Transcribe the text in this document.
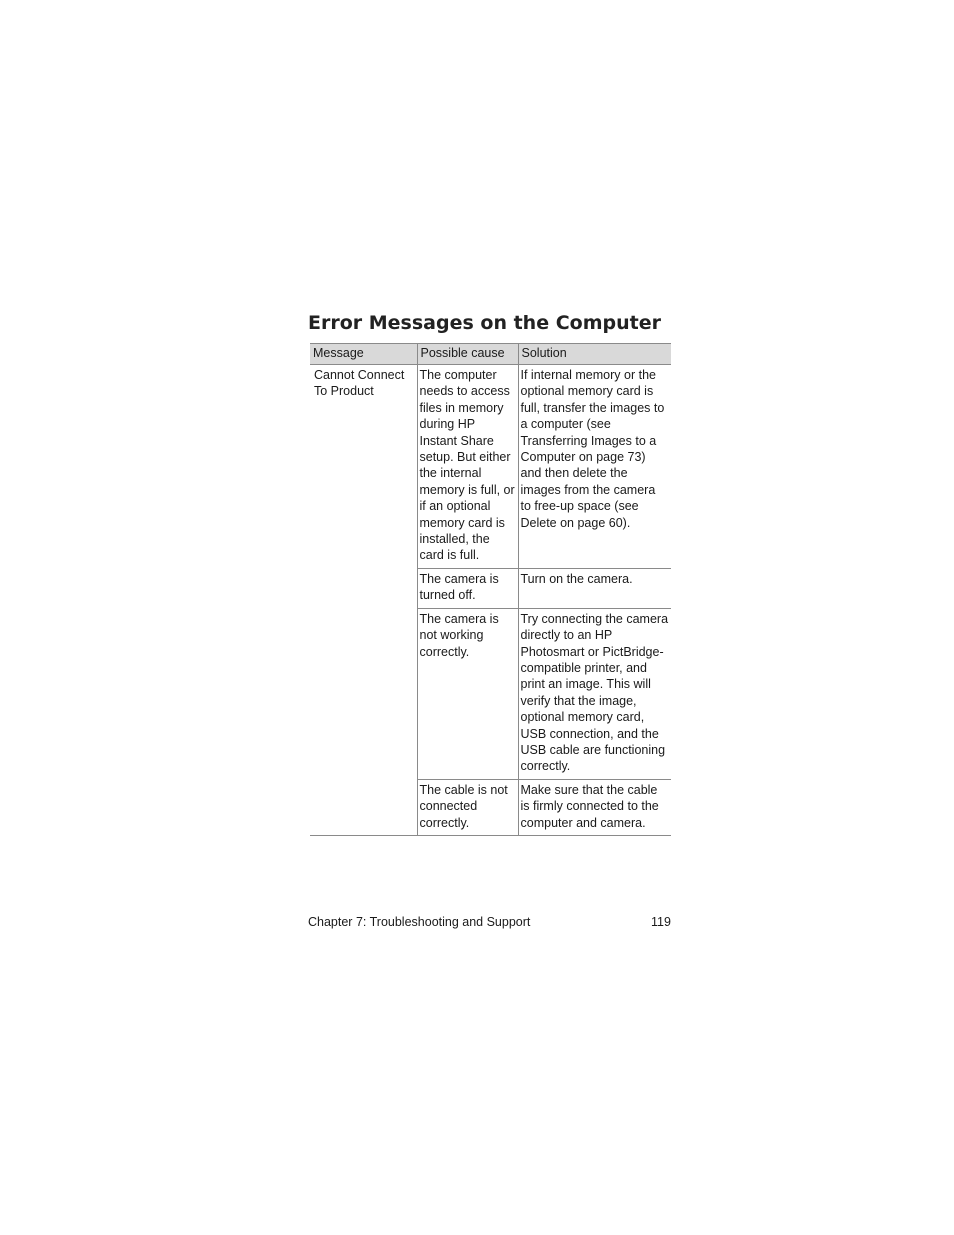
Error Messages on the Computer
Message	Possible cause	Solution
Cannot Connect To Product	The computer needs to access files in memory during HP Instant Share setup. But either the internal memory is full, or if an optional memory card is installed, the card is full.	If internal memory or the optional memory card is full, transfer the images to a computer (see Transferring Images to a Computer on page 73) and then delete the images from the camera to free-up space (see Delete on page 60).
	The camera is turned off.	Turn on the camera.
	The camera is not working correctly.	Try connecting the camera directly to an HP Photosmart or PictBridge-compatible printer, and print an image. This will verify that the image, optional memory card, USB connection, and the USB cable are functioning correctly.
	The cable is not connected correctly.	Make sure that the cable is firmly connected to the computer and camera.
Chapter 7: Troubleshooting and Support	119
